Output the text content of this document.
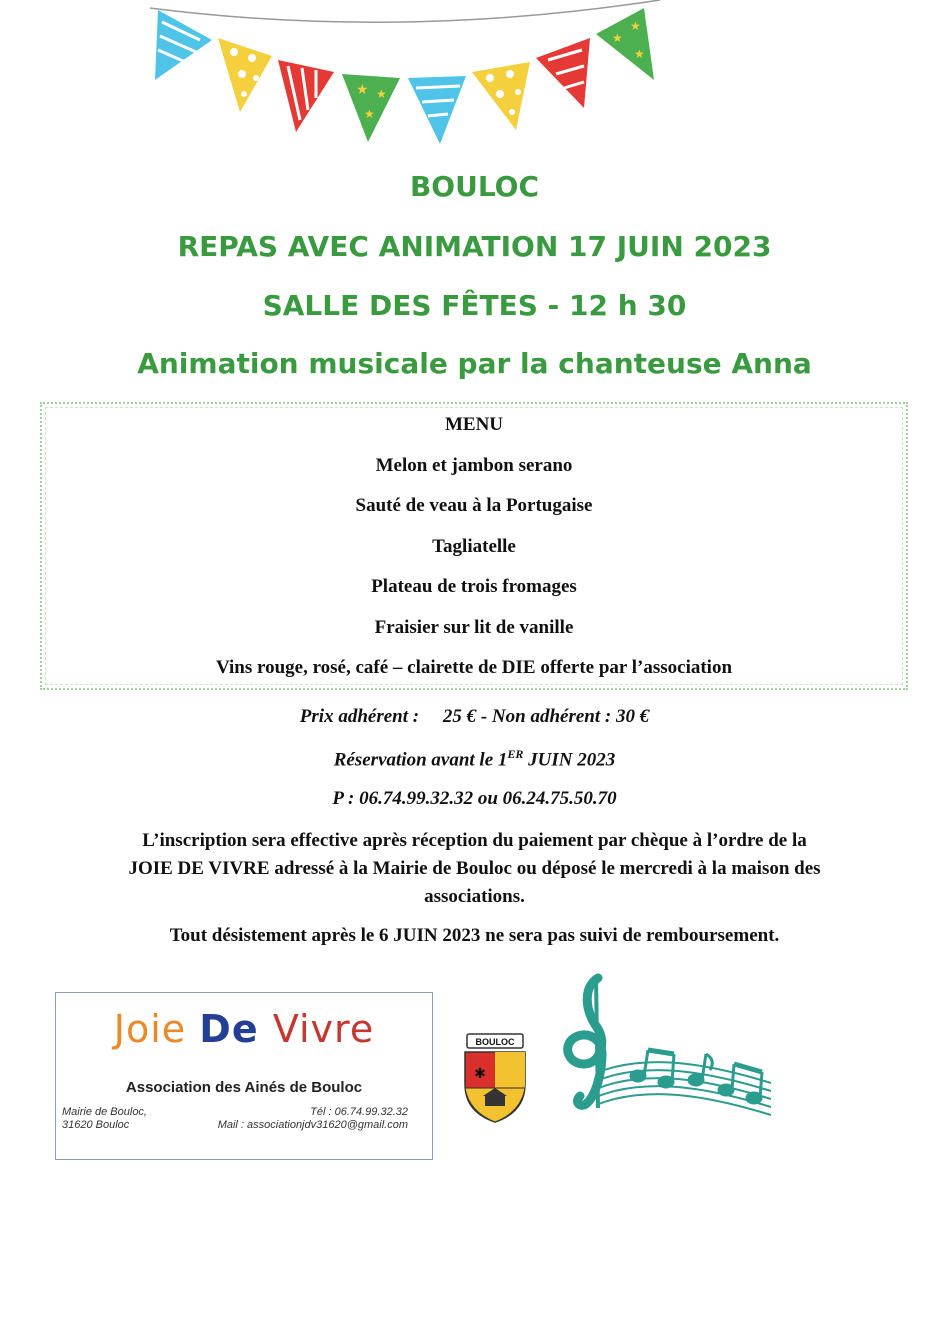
★ ★
★
★
★
★
BOULOC
REPAS AVEC ANIMATION 17 JUIN 2023
SALLE DES FÊTES - 12 h 30
Animation musicale par la chanteuse Anna
MENU
Melon et jambon serano
Sauté de veau à la Portugaise
Tagliatelle
Plateau de trois fromages
Fraisier sur lit de vanille
Vins rouge, rosé, café – clairette de DIE offerte par l’association
Prix adhérent : 25 € - Non adhérent : 30 €
Réservation avant le 1ER JUIN 2023
P : 06.74.99.32.32 ou 06.24.75.50.70
L’inscription sera effective après réception du paiement par chèque à l’ordre de la
JOIE DE VIVRE adressé à la Mairie de Bouloc ou déposé le mercredi à la maison des
associations.
Tout désistement après le 6 JUIN 2023 ne sera pas suivi de remboursement.
Joie De Vivre
Association des Ainés de Bouloc
Mairie de Bouloc,
31620 Bouloc
Tél : 06.74.99.32.32
Mail : associationjdv31620@gmail.com
BOULOC
✱
